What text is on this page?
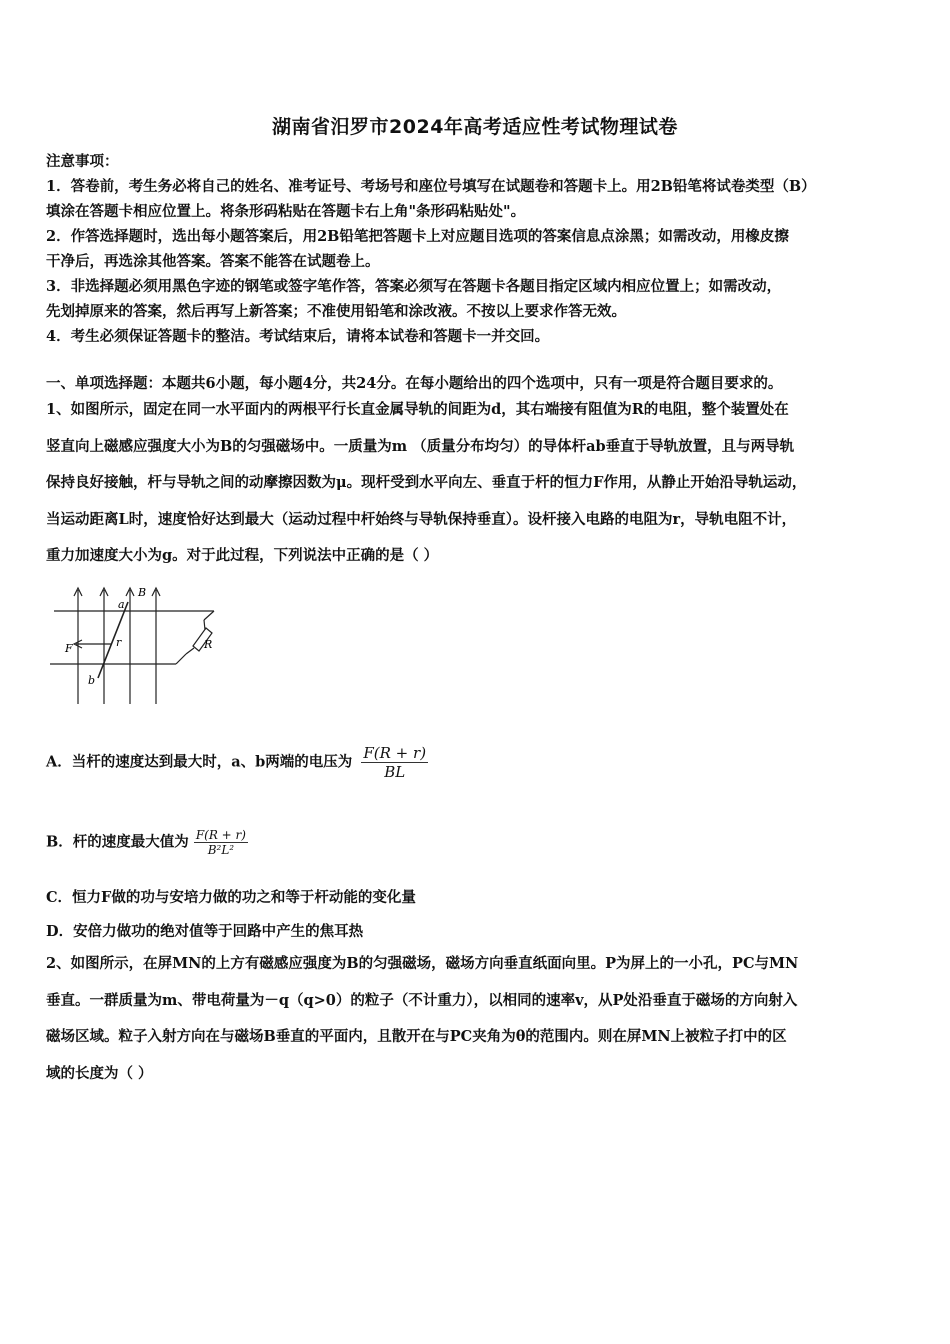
湖南省汨罗市2024年高考适应性考试物理试卷
注意事项：
1．答卷前，考生务必将自己的姓名、准考证号、考场号和座位号填写在试题卷和答题卡上。用2B铅笔将试卷类型（B）
填涂在答题卡相应位置上。将条形码粘贴在答题卡右上角"条形码粘贴处"。
2．作答选择题时，选出每小题答案后，用2B铅笔把答题卡上对应题目选项的答案信息点涂黑；如需改动，用橡皮擦
干净后，再选涂其他答案。答案不能答在试题卷上。
3．非选择题必须用黑色字迹的钢笔或签字笔作答，答案必须写在答题卡各题目指定区域内相应位置上；如需改动，
先划掉原来的答案，然后再写上新答案；不准使用铅笔和涂改液。不按以上要求作答无效。
4．考生必须保证答题卡的整洁。考试结束后，请将本试卷和答题卡一并交回。
一、单项选择题：本题共6小题，每小题4分，共24分。在每小题给出的四个选项中，只有一项是符合题目要求的。

1、如图所示，固定在同一水平面内的两根平行长直金属导轨的间距为d，其右端接有阻值为R的电阻，整个装置处在

竖直向上磁感应强度大小为B的匀强磁场中。一质量为m （质量分布均匀）的导体杆ab垂直于导轨放置，且与两导轨

保持良好接触，杆与导轨之间的动摩擦因数为μ。现杆受到水平向左、垂直于杆的恒力F作用，从静止开始沿导轨运动，

当运动距离L时，速度恰好达到最大（运动过程中杆始终与导轨保持垂直）。设杆接入电路的电阻为r，导轨电阻不计，

重力加速度大小为g。对于此过程，下列说法中正确的是（ ）

a
B
F	r	R
b
A．当杆的速度达到最大时，a、b两端的电压为 $\frac{F(R + r)}{BL}$
B．杆的速度最大值为 $\frac{F(R + r)}{\text{B²L²}}$
C．恒力F做的功与安培力做的功之和等于杆动能的变化量
D．安倍力做功的绝对值等于回路中产生的焦耳热

2、如图所示，在屏MN的上方有磁感应强度为B的匀强磁场，磁场方向垂直纸面向里。P为屏上的一小孔，PC与MN

垂直。一群质量为m、带电荷量为－q（q>0）的粒子（不计重力），以相同的速率v，从P处沿垂直于磁场的方向射入

磁场区域。粒子入射方向在与磁场B垂直的平面内，且散开在与PC夹角为θ的范围内。则在屏MN上被粒子打中的区

域的长度为（ ）
